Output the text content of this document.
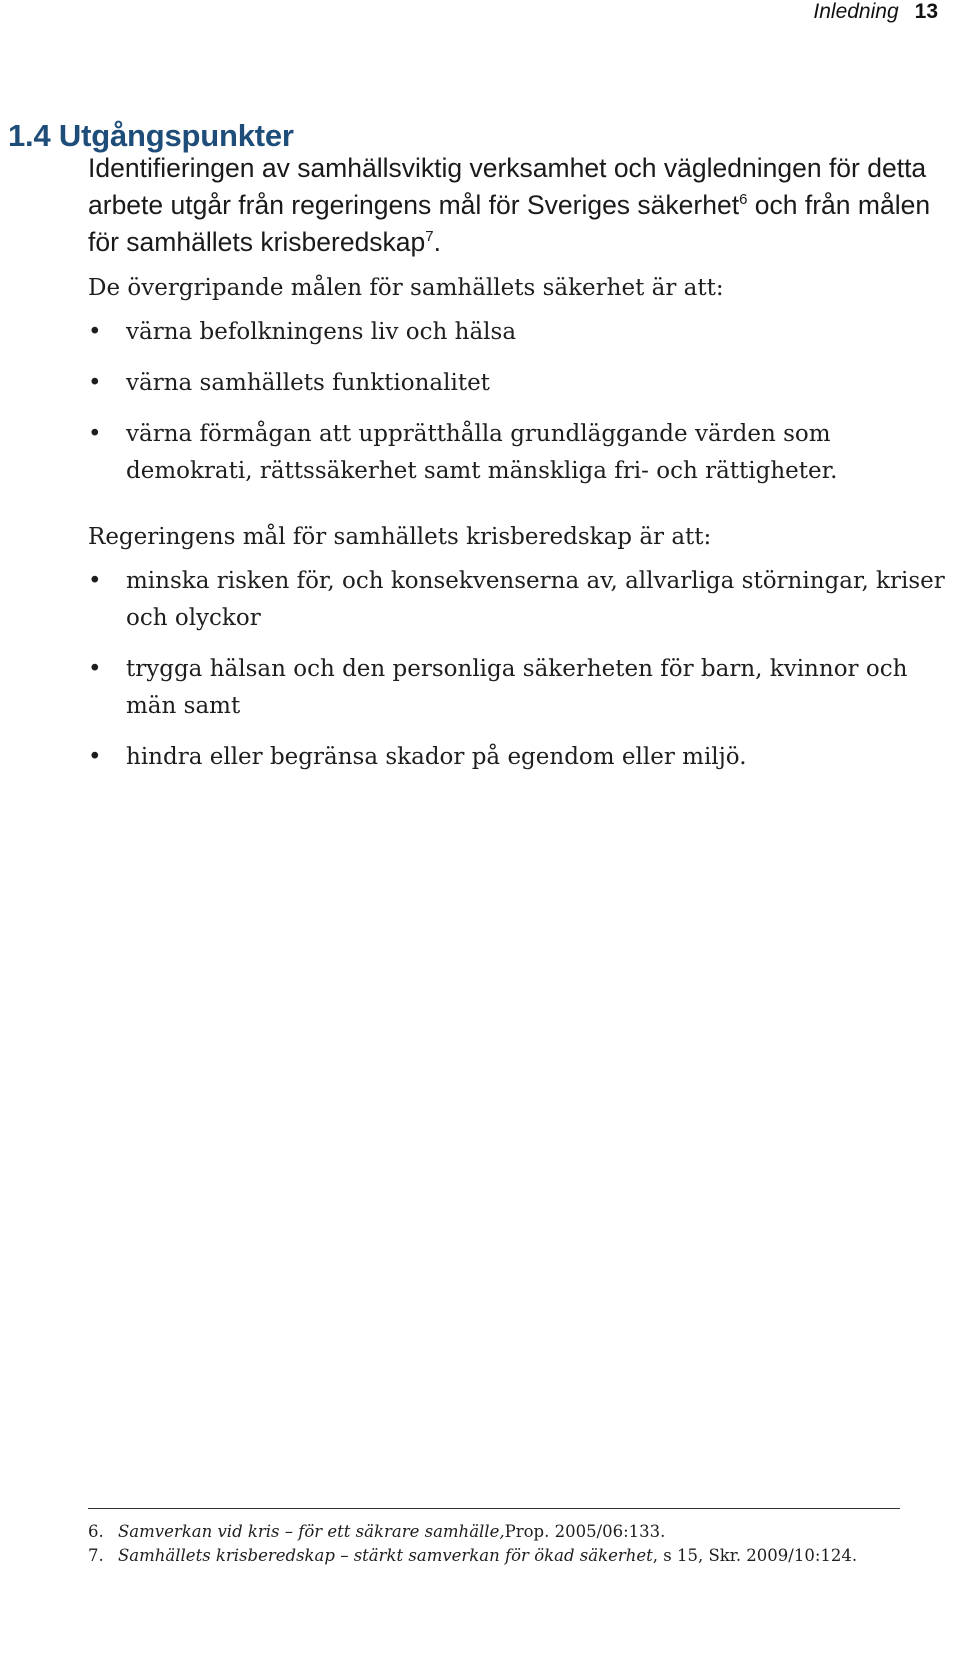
Inledning 13
1.4 Utgångspunkter

Identifieringen av samhällsviktig verksamhet och vägledningen för detta arbete utgår från regeringens mål för Sveriges säkerhet$^6$ och från målen för samhällets krisberedskap$^7$.

De övergripande målen för samhällets säkerhet är att:

• värna befolkningens liv och hälsa
• värna samhällets funktionalitet
• värna förmågan att upprätthålla grundläggande värden som demokrati, rättssäkerhet samt mänskliga fri- och rättigheter.

Regeringens mål för samhällets krisberedskap är att:

• minska risken för, och konsekvenserna av, allvarliga störningar, kriser och olyckor
• trygga hälsan och den personliga säkerheten för barn, kvinnor och män samt
• hindra eller begränsa skador på egendom eller miljö.
6. Samverkan vid kris – för ett säkrare samhälle, Prop. 2005/06:133.
7. Samhällets krisberedskap – stärkt samverkan för ökad säkerhet , s 15, Skr. 2009/10:124.
